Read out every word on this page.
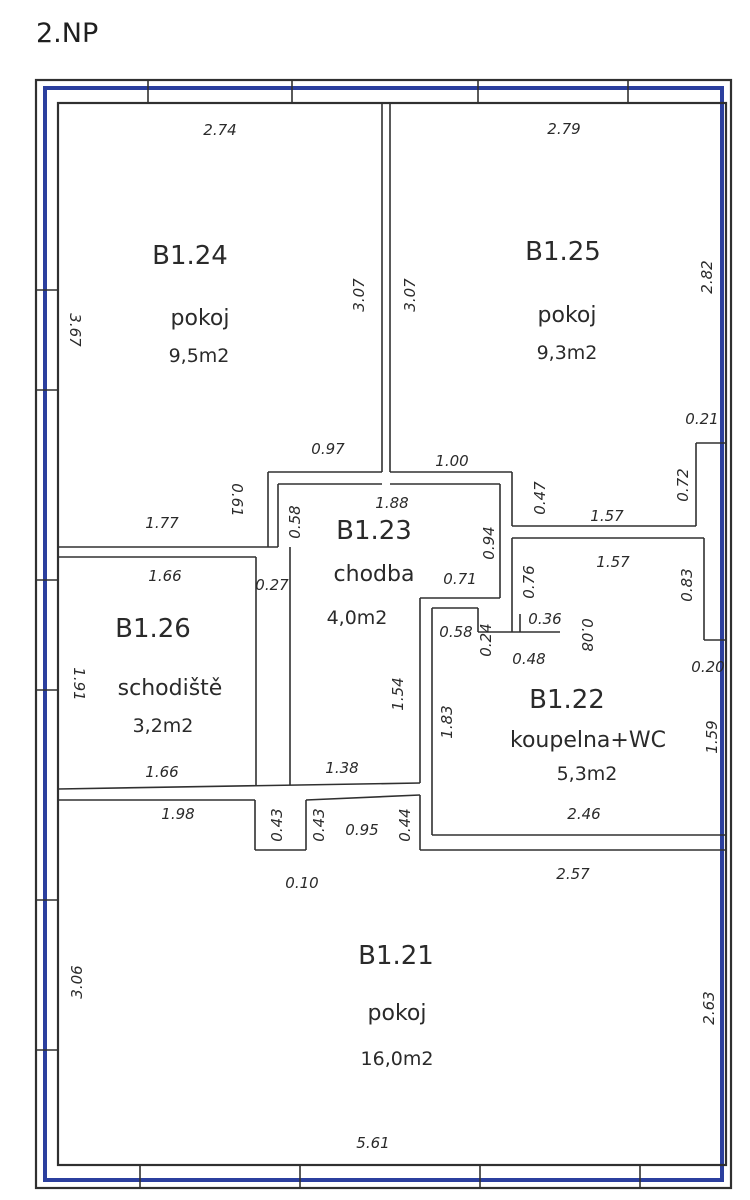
2.NP
B1.24
pokoj
9,5m2
B1.25
pokoj
9,3m2
B1.23
chodba
4,0m2
B1.26
schodiště
3,2m2
B1.22
koupelna+WC
5,3m2
B1.21
pokoj
16,0m2
2.74	2.79
3.67
3.07 3.07
2.82
0.21
0.97
1.00
1.88	0.47	0.72
1.77
0.61
0.58
0.94
1.57
1.66	0.27	0.71
1.57
0.76	0.83
0.58 0.24
0.36 0.08
0.48	0.20
1.91	1.54
1.83	1.59
1.66	1.38
2.46
1.98	0.43 0.43 0.95 0.44
0.10	2.57
3.06
2.63
5.61
